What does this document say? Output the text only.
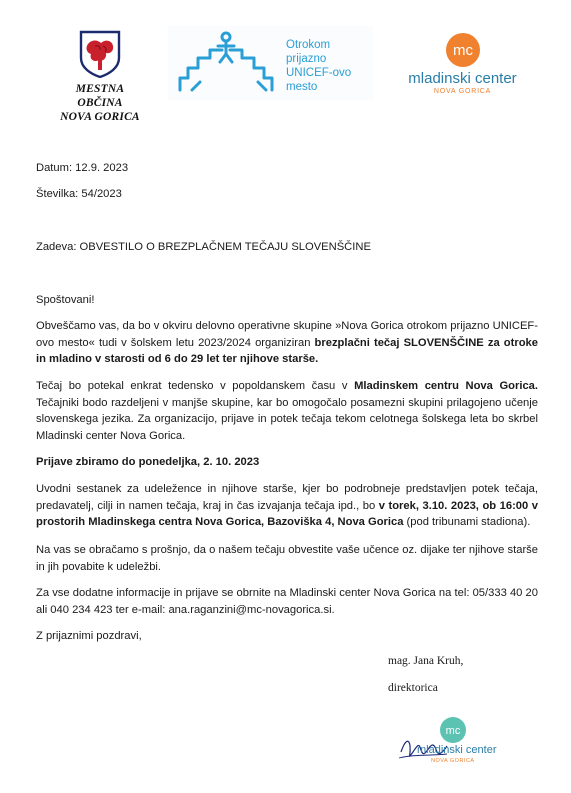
MESTNA OBČINA
NOVA GORICA
Otrokom
prijazno
UNICEF-ovo
mesto
mc
mladinski center
NOVA GORICA
Datum: 12.9. 2023
Številka: 54/2023
Zadeva: OBVESTILO O BREZPLAČNEM TEČAJU SLOVENŠČINE
Spoštovani!
Obveščamo vas, da bo v okviru delovno operativne skupine »Nova Gorica otrokom prijazno UNICEF-ovo mesto« tudi v šolskem letu 2023/2024 organiziran brezplačni tečaj SLOVENŠČINE za otroke in mladino v starosti od 6 do 29 let ter njihove starše.
Tečaj bo potekal enkrat tedensko v popoldanskem času v Mladinskem centru Nova Gorica. Tečajniki bodo razdeljeni v manjše skupine, kar bo omogočalo posamezni skupini prilagojeno učenje slovenskega jezika. Za organizacijo, prijave in potek tečaja tekom celotnega šolskega leta bo skrbel Mladinski center Nova Gorica.
Prijave zbiramo do ponedeljka, 2. 10. 2023
Uvodni sestanek za udeležence in njihove starše, kjer bo podrobneje predstavljen potek tečaja, predavatelj, cilji in namen tečaja, kraj in čas izvajanja tečaja ipd., bo v torek, 3.10. 2023, ob 16:00 v prostorih Mladinskega centra Nova Gorica, Bazoviška 4, Nova Gorica (pod tribunami stadiona).
Na vas se obračamo s prošnjo, da o našem tečaju obvestite vaše učence oz. dijake ter njihove starše in jih povabite k udeležbi.
Za vse dodatne informacije in prijave se obrnite na Mladinski center Nova Gorica na tel: 05/333 40 20 ali 040 234 423 ter e-mail: ana.raganzini@mc-novagorica.si.
Z prijaznimi pozdravi,
mag. Jana Kruh,
direktorica
mc
mladinski center
NOVA GORICA
